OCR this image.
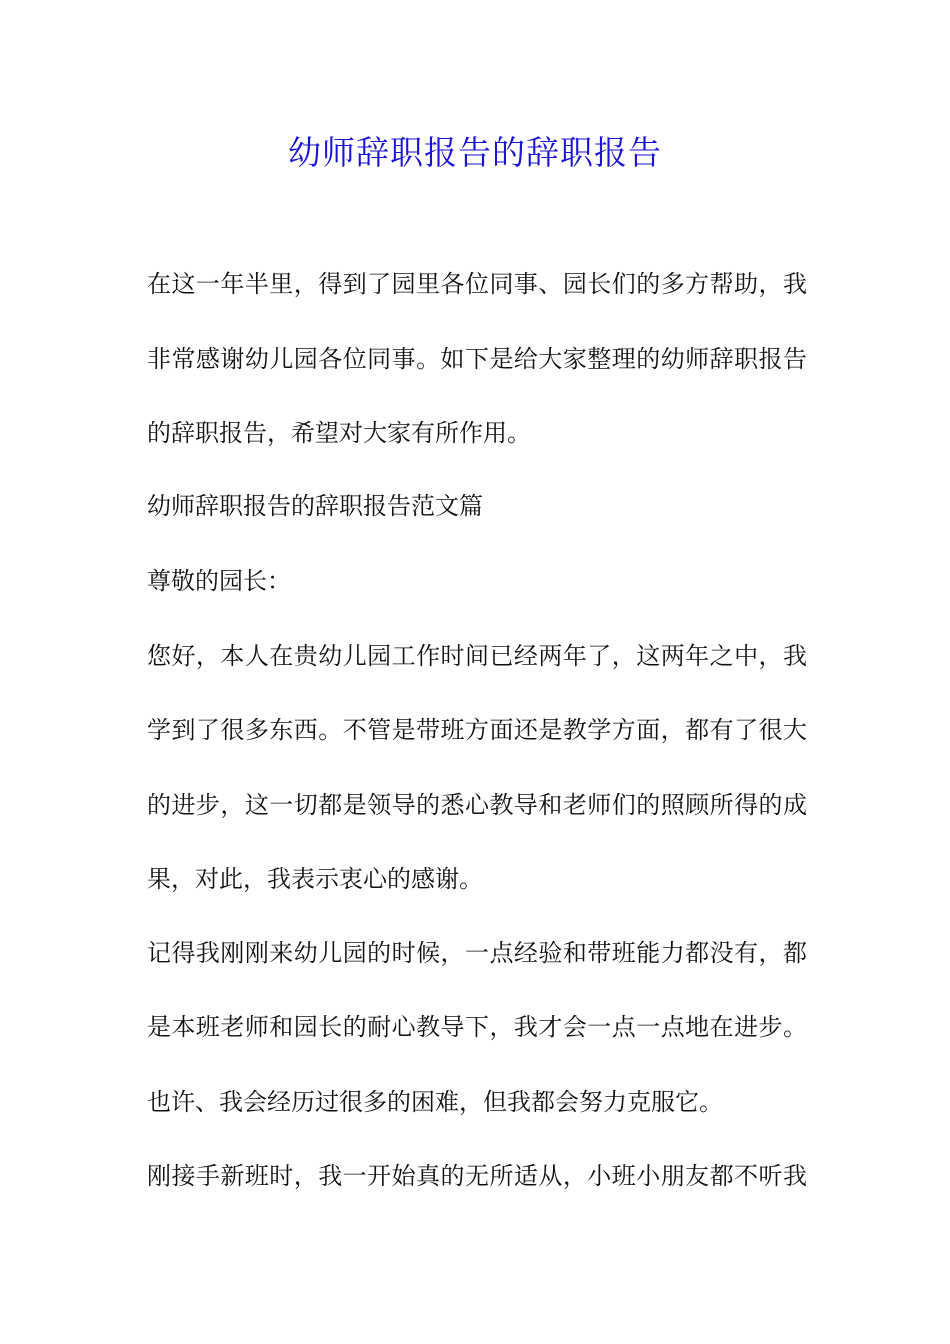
幼师辞职报告的辞职报告
在这一年半里，得到了园里各位同事、园长们的多方帮助，我
非常感谢幼儿园各位同事。如下是给大家整理的幼师辞职报告
的辞职报告，希望对大家有所作用。
幼师辞职报告的辞职报告范文篇
尊敬的园长：
您好，本人在贵幼儿园工作时间已经两年了，这两年之中，我
学到了很多东西。不管是带班方面还是教学方面，都有了很大
的进步，这一切都是领导的悉心教导和老师们的照顾所得的成
果，对此，我表示衷心的感谢。
记得我刚刚来幼儿园的时候，一点经验和带班能力都没有，都
是本班老师和园长的耐心教导下，我才会一点一点地在进步。
也许、我会经历过很多的困难，但我都会努力克服它。
刚接手新班时，我一开始真的无所适从，小班小朋友都不听我
